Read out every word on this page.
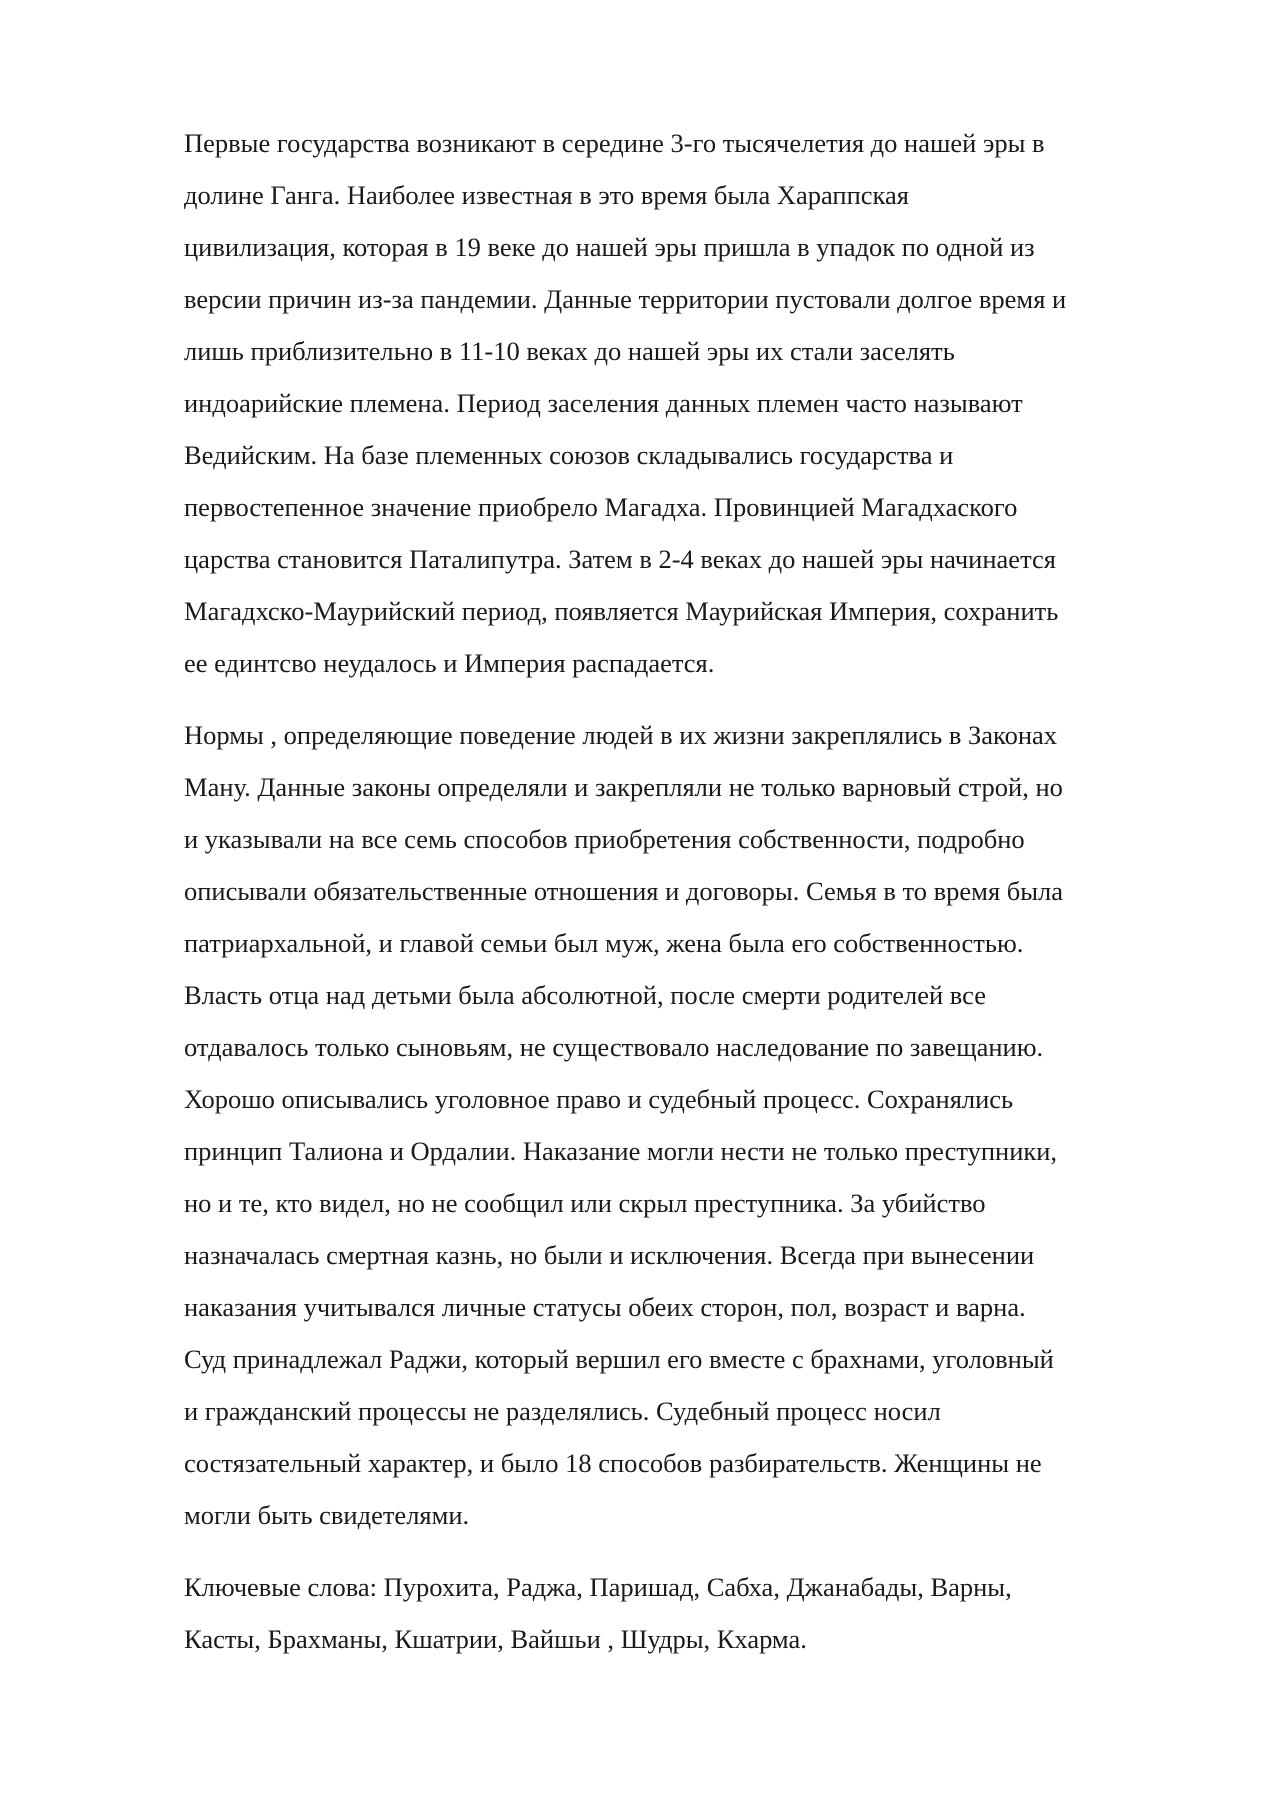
Первые государства возникают в середине 3-го тысячелетия до нашей эры в
долине Ганга. Наиболее известная в это время была Хараппская
цивилизация, которая в 19 веке до нашей эры пришла в упадок по одной из
версии причин из-за пандемии. Данные территории пустовали долгое время и
лишь приблизительно в 11-10 веках до нашей эры их стали заселять
индоарийские племена. Период заселения данных племен часто называют
Ведийским. На базе племенных союзов складывались государства и
первостепенное значение приобрело Магадха. Провинцией Магадхаского
царства становится Паталипутра. Затем в 2-4 веках до нашей эры начинается
Магадхско-Маурийский период, появляется Маурийская Империя, сохранить
ее единтсво неудалось и Империя распадается.

Нормы , определяющие поведение людей в их жизни закреплялись в Законах
Ману. Данные законы определяли и закрепляли не только варновый строй, но
и указывали на все семь способов приобретения собственности, подробно
описывали обязательственные отношения и договоры. Семья в то время была
патриархальной, и главой семьи был муж, жена была его собственностью.
Власть отца над детьми была абсолютной, после смерти родителей все
отдавалось только сыновьям, не существовало наследование по завещанию.
Хорошо описывались уголовное право и судебный процесс. Сохранялись
принцип Талиона и Ордалии. Наказание могли нести не только преступники,
но и те, кто видел, но не сообщил или скрыл преступника. За убийство
назначалась смертная казнь, но были и исключения. Всегда при вынесении
наказания учитывался личные статусы обеих сторон, пол, возраст и варна.
Суд принадлежал Раджи, который вершил его вместе с брахнами, уголовный
и гражданский процессы не разделялись. Судебный процесс носил
состязательный характер, и было 18 способов разбирательств. Женщины не
могли быть свидетелями.

Ключевые слова: Пурохита, Раджа, Паришад, Сабха, Джанабады, Варны,
Касты, Брахманы, Кшатрии, Вайшьи , Шудры, Кхарма.
